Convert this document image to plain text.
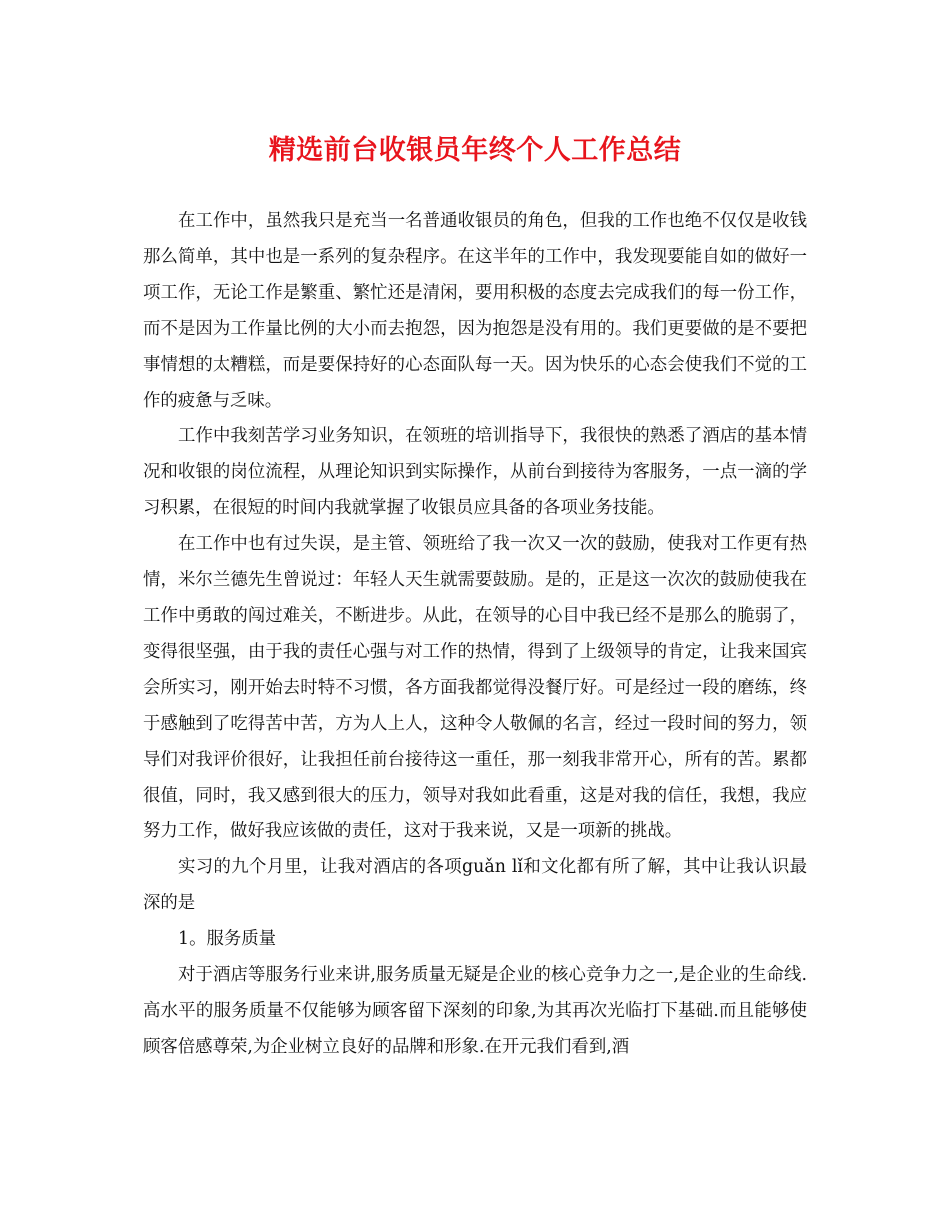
精选前台收银员年终个人工作总结

在工作中，虽然我只是充当一名普通收银员的角色，但我的工作也绝不仅仅是收钱那么简单，其中也是一系列的复杂程序。在这半年的工作中，我发现要能自如的做好一项工作，无论工作是繁重、繁忙还是清闲，要用积极的态度去完成我们的每一份工作，而不是因为工作量比例的大小而去抱怨，因为抱怨是没有用的。我们更要做的是不要把事情想的太糟糕，而是要保持好的心态面队每一天。因为快乐的心态会使我们不觉的工作的疲惫与乏味。

工作中我刻苦学习业务知识，在领班的培训指导下，我很快的熟悉了酒店的基本情况和收银的岗位流程，从理论知识到实际操作，从前台到接待为客服务，一点一滴的学习积累，在很短的时间内我就掌握了收银员应具备的各项业务技能。

在工作中也有过失误，是主管、领班给了我一次又一次的鼓励，使我对工作更有热情，米尔兰德先生曾说过：年轻人天生就需要鼓励。是的，正是这一次次的鼓励使我在工作中勇敢的闯过难关，不断进步。从此，在领导的心目中我已经不是那么的脆弱了，变得很坚强，由于我的责任心强与对工作的热情，得到了上级领导的肯定，让我来国宾会所实习，刚开始去时特不习惯，各方面我都觉得没餐厅好。可是经过一段的磨练，终于感触到了吃得苦中苦，方为人上人，这种令人敬佩的名言，经过一段时间的努力，领导们对我评价很好，让我担任前台接待这一重任，那一刻我非常开心，所有的苦。累都很值，同时，我又感到很大的压力，领导对我如此看重，这是对我的信任，我想，我应努力工作，做好我应该做的责任，这对于我来说，又是一项新的挑战。

实习的九个月里，让我对酒店的各项guǎn lǐ和文化都有所了解，其中让我认识最深的是

1。服务质量

对于酒店等服务行业来讲,服务质量无疑是企业的核心竞争力之一,是企业的生命线.高水平的服务质量不仅能够为顾客留下深刻的印象,为其再次光临打下基础.而且能够使顾客倍感尊荣,为企业树立良好的品牌和形象.在开元我们看到,酒
